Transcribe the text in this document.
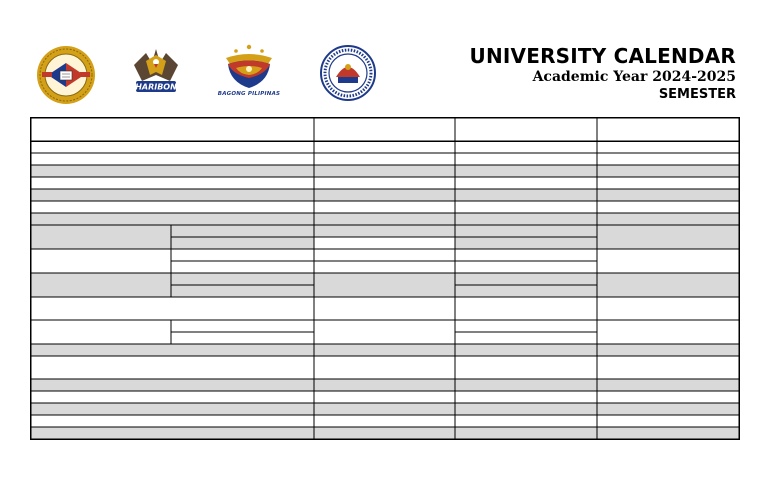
HARIBON
BAGONG PILIPINAS
UNIVERSITY CALENDAR
Academic Year 2024-2025
SEMESTER
